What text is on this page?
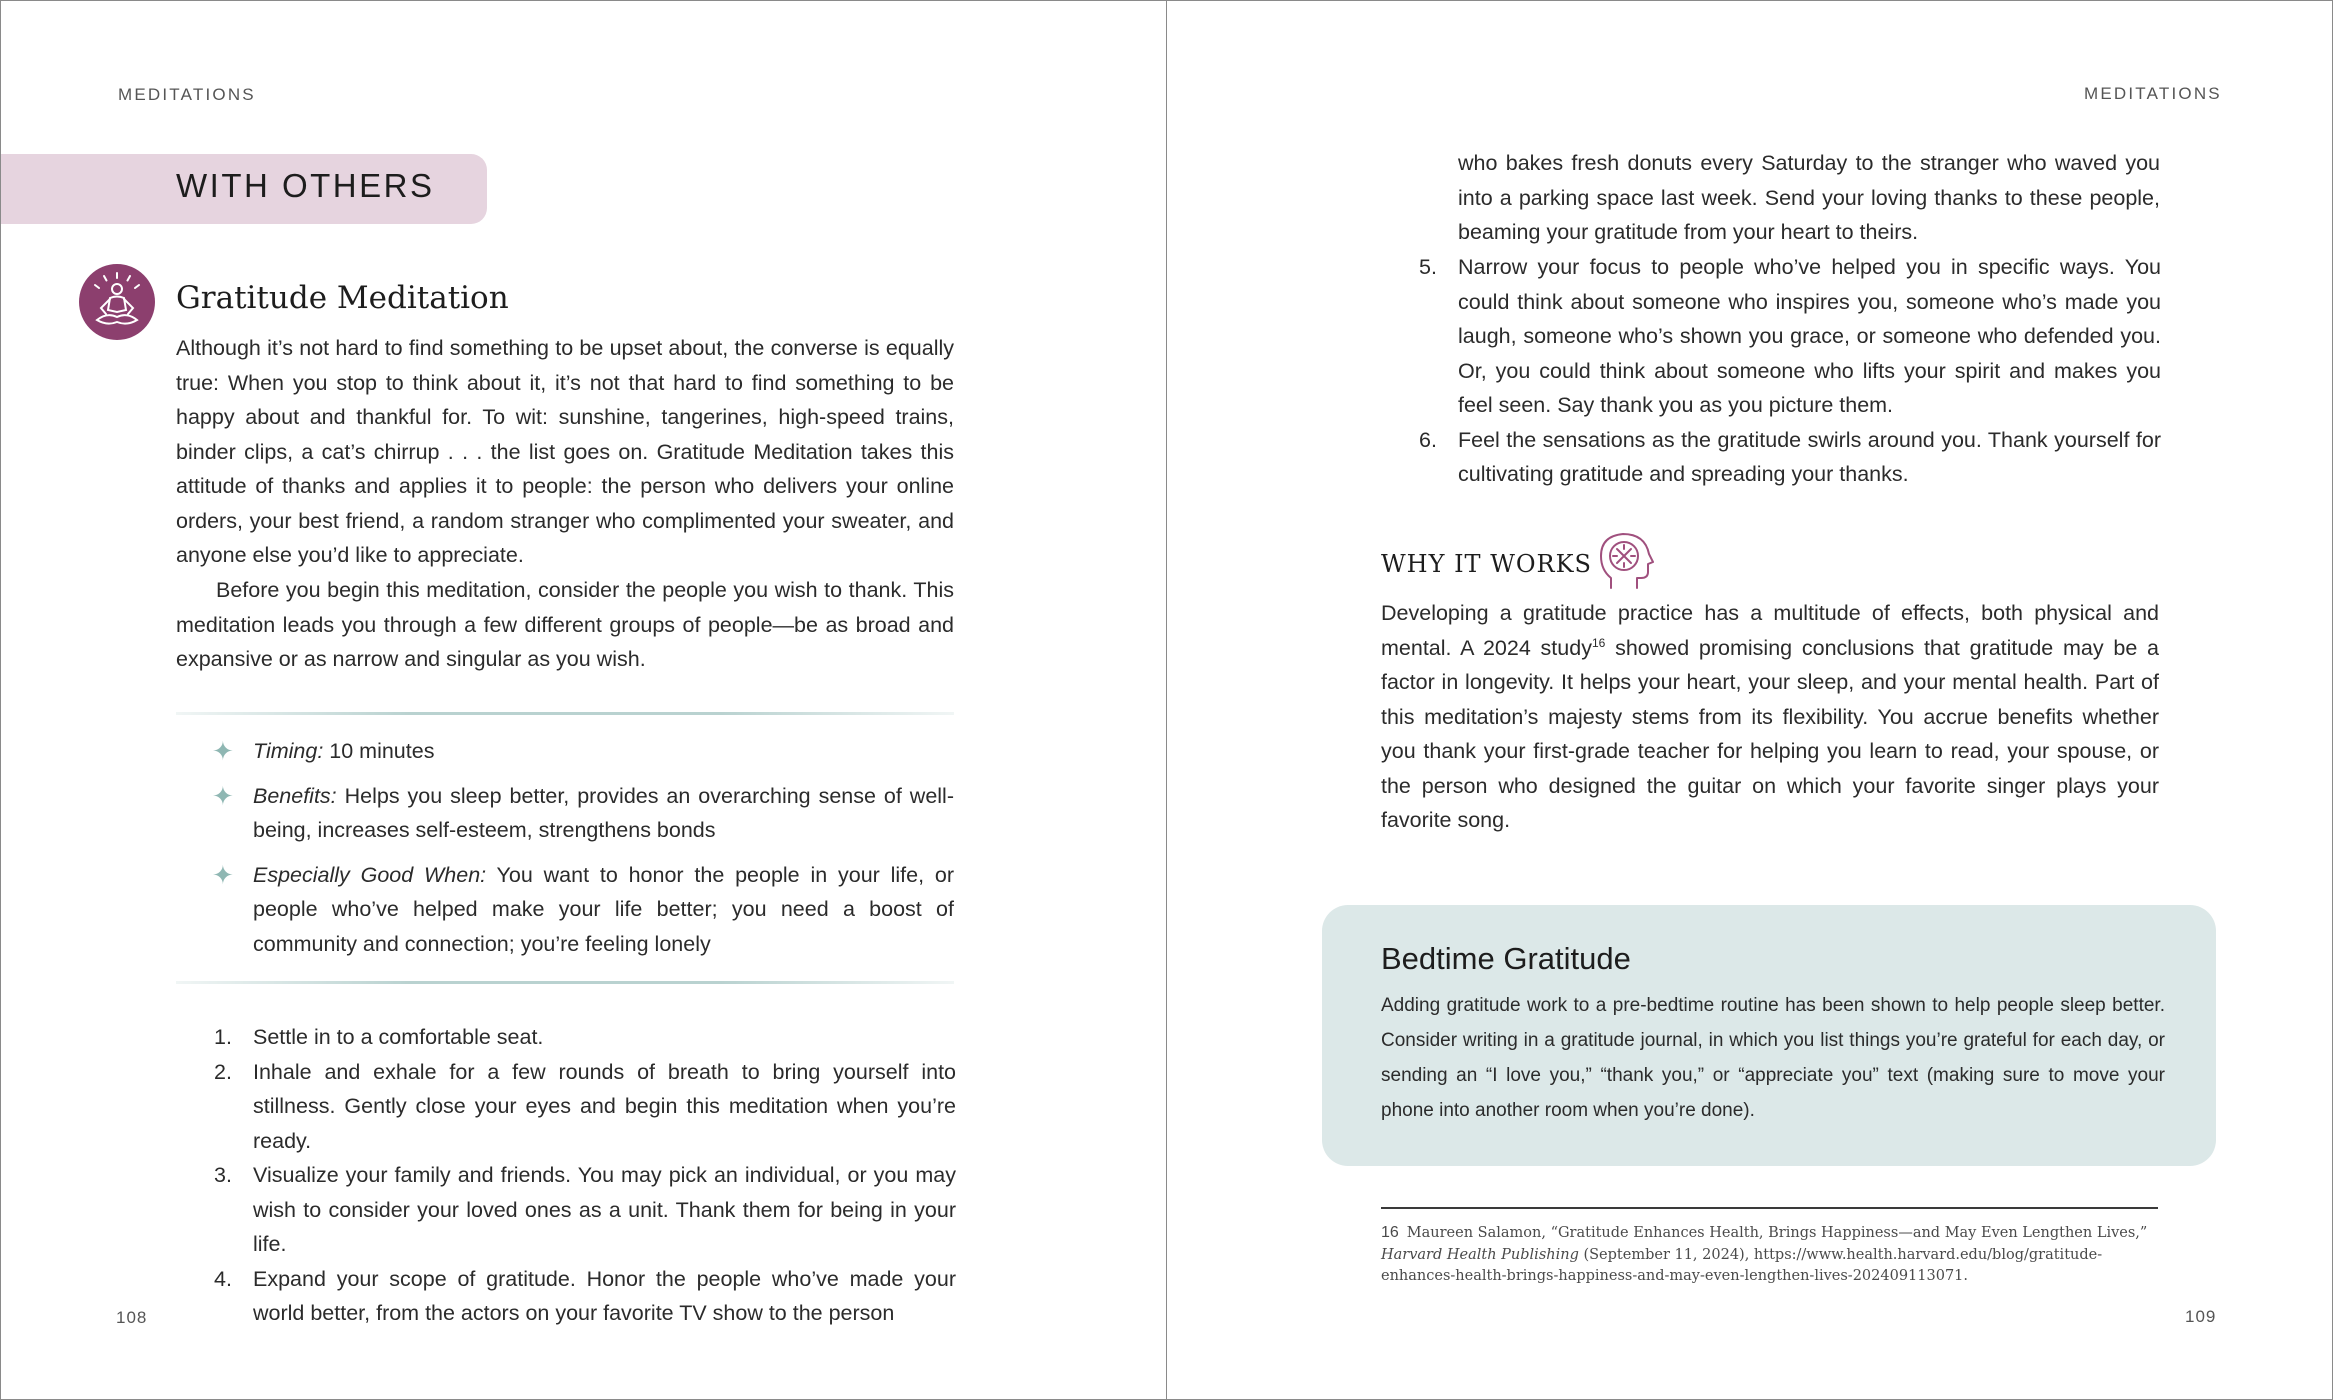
MEDITATIONS
WITH OTHERS
Gratitude Meditation

Although it’s not hard to find something to be upset about, the converse is equally true: When you stop to think about it, it’s not that hard to find something to be happy about and thankful for. To wit: sunshine, tangerines, high-speed trains, binder clips, a cat’s chirrup . . . the list goes on. Gratitude Meditation takes this attitude of thanks and applies it to people: the person who delivers your online orders, your best friend, a random stranger who complimented your sweater, and anyone else you’d like to appreciate.

Before you begin this meditation, consider the people you wish to thank. This meditation leads you through a few different groups of people—be as broad and expansive or as narrow and singular as you wish.

✦ Timing: 10 minutes
✦ Benefits: Helps you sleep better, provides an overarching sense of well-being, increases self-esteem, strengthens bonds
✦ Especially Good When: You want to honor the people in your life, or people who’ve helped make your life better; you need a boost of community and connection; you’re feeling lonely
1. Settle in to a comfortable seat.
2. Inhale and exhale for a few rounds of breath to bring yourself into stillness. Gently close your eyes and begin this meditation when you’re ready.
3. Visualize your family and friends. You may pick an individual, or you may wish to consider your loved ones as a unit. Thank them for being in your life.
4. Expand your scope of gratitude. Honor the people who’ve made your world better, from the actors on your favorite TV show to the person
108
MEDITATIONS

who bakes fresh donuts every Saturday to the stranger who waved you into a parking space last week. Send your loving thanks to these people, beaming your gratitude from your heart to theirs.

5. Narrow your focus to people who’ve helped you in specific ways. You could think about someone who inspires you, someone who’s made you laugh, someone who’s shown you grace, or someone who defended you. Or, you could think about someone who lifts your spirit and makes you feel seen. Say thank you as you picture them.
6. Feel the sensations as the gratitude swirls around you. Thank yourself for cultivating gratitude and spreading your thanks.
WHY IT WORKS

Developing a gratitude practice has a multitude of effects, both physical and mental. A 2024 study$^{16}$ showed promising conclusions that gratitude may be a factor in longevity. It helps your heart, your sleep, and your mental health. Part of this meditation’s majesty stems from its flexibility. You accrue benefits whether you thank your first-grade teacher for helping you learn to read, your spouse, or the person who designed the guitar on which your favorite singer plays your favorite song.

Bedtime Gratitude

Adding gratitude work to a pre-bedtime routine has been shown to help people sleep better. Consider writing in a gratitude journal, in which you list things you’re grateful for each day, or sending an “I love you,” “thank you,” or “appreciate you” text (making sure to move your phone into another room when you’re done).

16 Maureen Salamon, “Gratitude Enhances Health, Brings Happiness—and May Even Lengthen Lives,” Harvard Health Publishing (September 11, 2024), https://www.health.harvard.edu/blog/gratitude-enhances-health-brings-happiness-and-may-even-lengthen-lives-202409113071.

109
